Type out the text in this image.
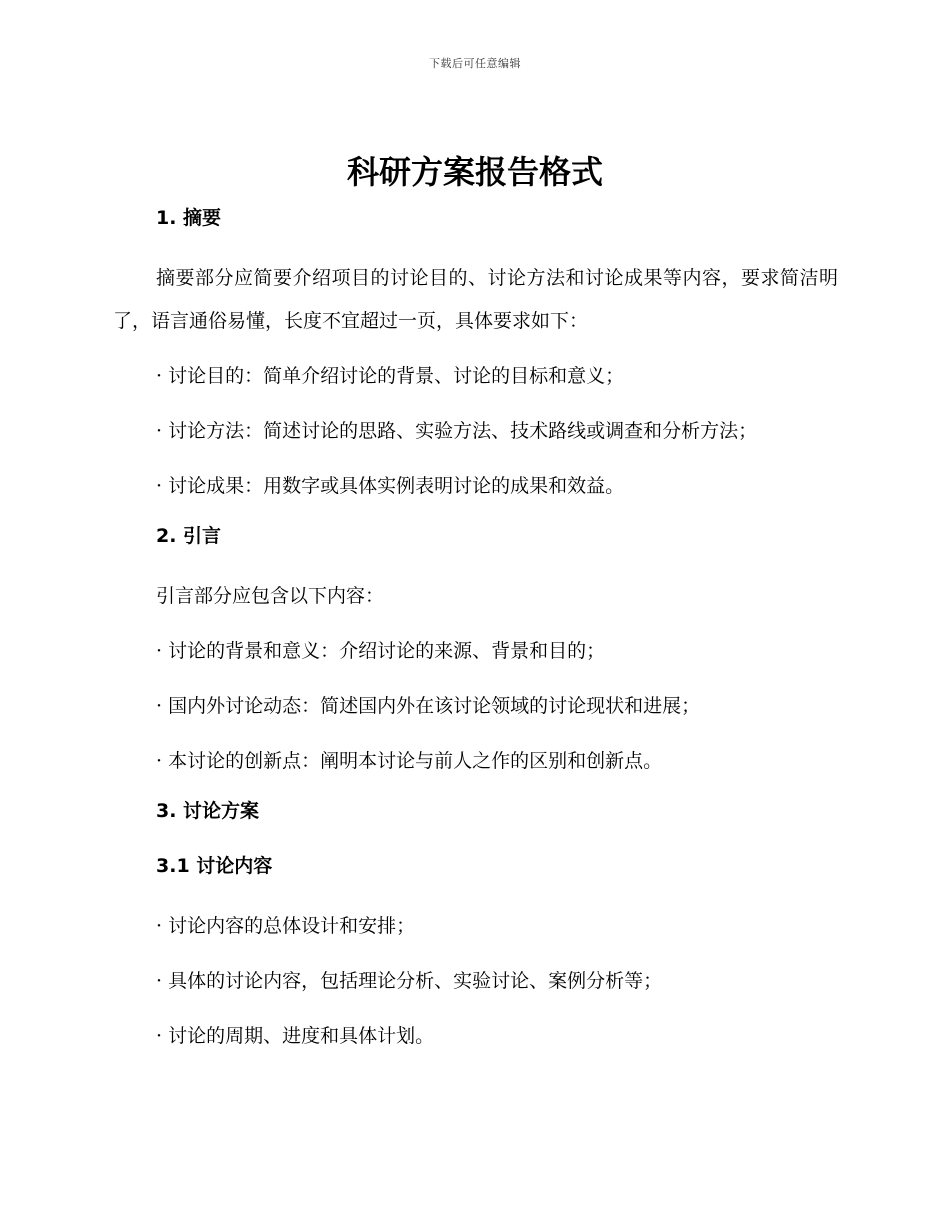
下载后可任意编辑
科研方案报告格式
1. 摘要
摘要部分应简要介绍项目的讨论目的、讨论方法和讨论成果等内容，要求简洁明了，语言通俗易懂，长度不宜超过一页，具体要求如下：
· 讨论目的：简单介绍讨论的背景、讨论的目标和意义；
· 讨论方法：简述讨论的思路、实验方法、技术路线或调查和分析方法；
· 讨论成果：用数字或具体实例表明讨论的成果和效益。
2. 引言
引言部分应包含以下内容：
· 讨论的背景和意义：介绍讨论的来源、背景和目的；
· 国内外讨论动态：简述国内外在该讨论领域的讨论现状和进展；
· 本讨论的创新点：阐明本讨论与前人之作的区别和创新点。
3. 讨论方案
3.1 讨论内容
· 讨论内容的总体设计和安排；
· 具体的讨论内容，包括理论分析、实验讨论、案例分析等；
· 讨论的周期、进度和具体计划。
